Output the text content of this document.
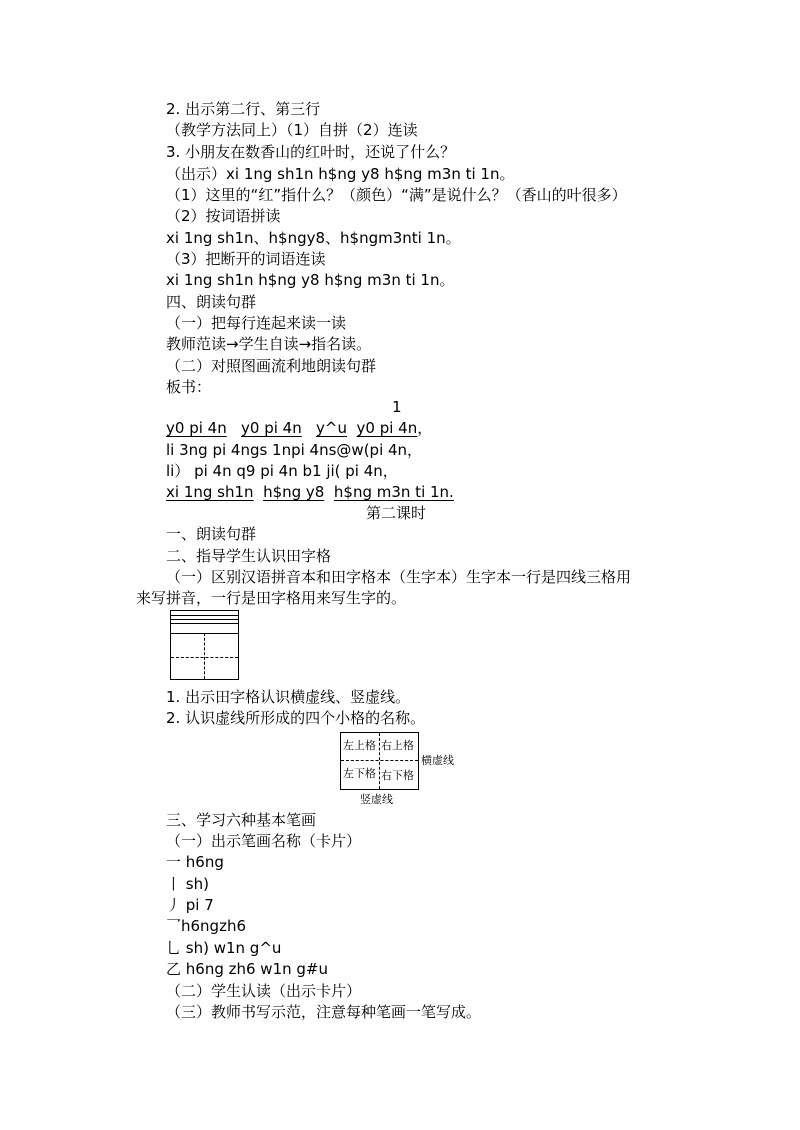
2. 出示第二行、第三行
（教学方法同上）（1）自拼（2）连读
3. 小朋友在数香山的红叶时，还说了什么？
（出示）xi 1ng sh1n h$ng y8 h$ng m3n ti 1n。
（1）这里的“红”指什么？（颜色）“满”是说什么？（香山的叶很多）
（2）按词语拼读
xi 1ng sh1n、h$ngy8、h$ngm3nti 1n。
（3）把断开的词语连读
xi 1ng sh1n h$ng y8 h$ng m3n ti 1n。
四、朗读句群
（一）把每行连起来读一读
教师范读→学生自读→指名读。
（二）对照图画流利地朗读句群
板书：
1
y0 pi 4n y0 pi 4n y^u y0 pi 4n，
li 3ng pi 4ngs 1npi 4ns@w(pi 4n，
li） pi 4n q9 pi 4n b1 ji( pi 4n，
xi 1ng sh1n h$ng y8 h$ng m3n ti 1n.
第二课时
一、朗读句群
二、指导学生认识田字格
（一）区别汉语拼音本和田字格本（生字本）生字本一行是四线三格用
来写拼音，一行是田字格用来写生字的。
1. 出示田字格认识横虚线、竖虚线。
2. 认识虚线所形成的四个小格的名称。
左上格 右上格
左下格 右下格
横虚线
竖虚线
三、学习六种基本笔画
（一）出示笔画名称（卡片）
一 h6ng
丨 sh)
丿 pi 7
乛h6ngzh6
乚 sh) w1n g^u
乙 h6ng zh6 w1n g#u
（二）学生认读（出示卡片）
（三）教师书写示范，注意每种笔画一笔写成。
